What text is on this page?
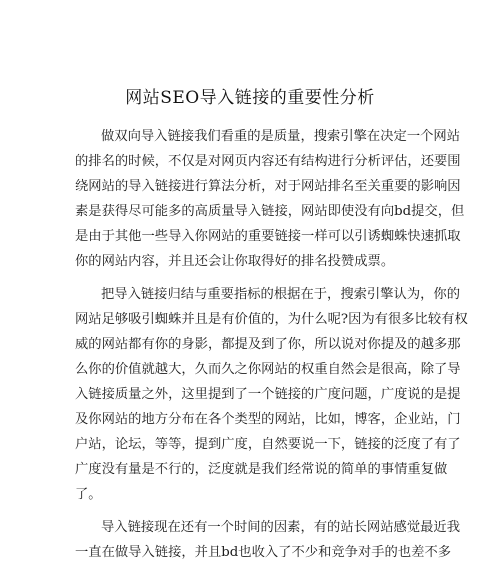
网站SEO导入链接的重要性分析
做双向导入链接我们看重的是质量，搜索引擎在决定一个网站
的排名的时候，不仅是对网页内容还有结构进行分析评估，还要围
绕网站的导入链接进行算法分析，对于网站排名至关重要的影响因
素是获得尽可能多的高质量导入链接，网站即使没有向bd提交，但
是由于其他一些导入你网站的重要链接一样可以引诱蜘蛛快速抓取
你的网站内容，并且还会让你取得好的排名投赞成票。
把导入链接归结与重要指标的根据在于，搜索引擎认为，你的
网站足够吸引蜘蛛并且是有价值的，为什么呢?因为有很多比较有权
威的网站都有你的身影，都提及到了你，所以说对你提及的越多那
么你的价值就越大，久而久之你网站的权重自然会是很高，除了导
入链接质量之外，这里提到了一个链接的广度问题，广度说的是提
及你网站的地方分布在各个类型的网站，比如，博客，企业站，门
户站，论坛，等等，提到广度，自然要说一下，链接的泛度了有了
广度没有量是不行的，泛度就是我们经常说的简单的事情重复做
了。
导入链接现在还有一个时间的因素，有的站长网站感觉最近我
一直在做导入链接，并且bd也收入了不少和竞争对手的也差不多
